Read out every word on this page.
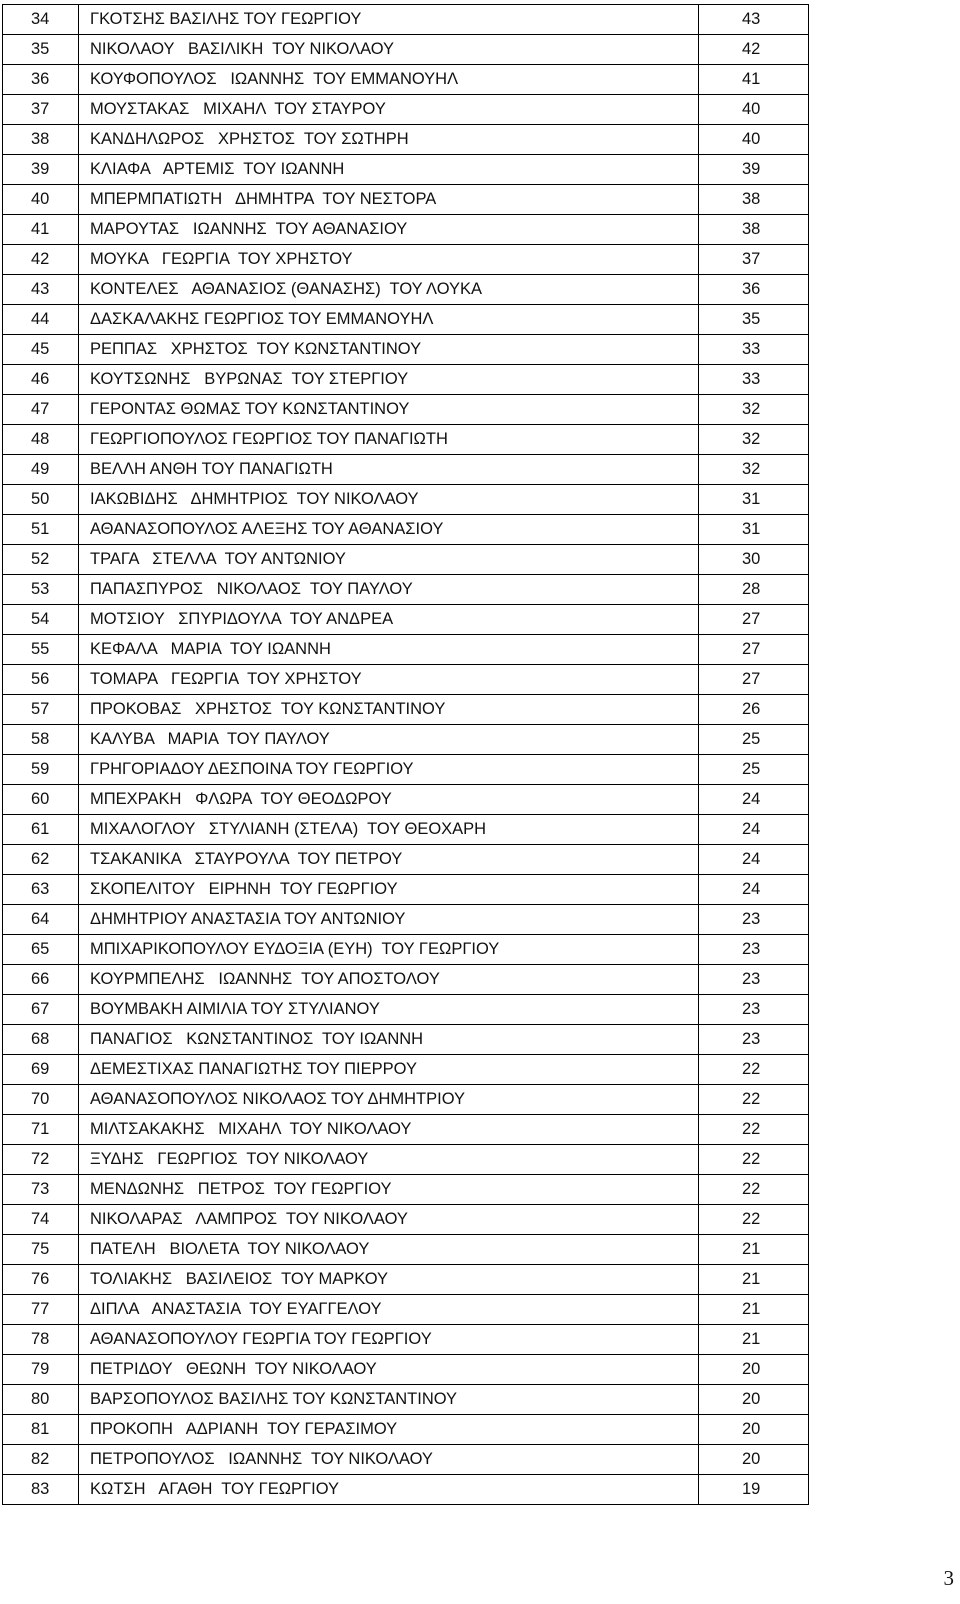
34	ΓΚΟΤΣΗΣ ΒΑΣΙΛΗΣ ΤΟΥ ΓΕΩΡΓΙΟΥ	43
35	ΝΙΚΟΛΑΟΥ   ΒΑΣΙΛΙΚΗ  ΤΟΥ ΝΙΚΟΛΑΟΥ	42
36	ΚΟΥΦΟΠΟΥΛΟΣ   ΙΩΑΝΝΗΣ  ΤΟΥ ΕΜΜΑΝΟΥΗΛ	41
37	ΜΟΥΣΤΑΚΑΣ   ΜΙΧΑΗΛ  ΤΟΥ ΣΤΑΥΡΟΥ	40
38	ΚΑΝΔΗΛΩΡΟΣ   ΧΡΗΣΤΟΣ  ΤΟΥ ΣΩΤΗΡΗ	40
39	ΚΛΙΑΦΑ   ΑΡΤΕΜΙΣ  ΤΟΥ ΙΩΑΝΝΗ	39
40	ΜΠΕΡΜΠΑΤΙΩΤΗ   ΔΗΜΗΤΡΑ  ΤΟΥ ΝΕΣΤΟΡΑ	38
41	ΜΑΡΟΥΤΑΣ   ΙΩΑΝΝΗΣ  ΤΟΥ ΑΘΑΝΑΣΙΟΥ	38
42	ΜΟΥΚΑ   ΓΕΩΡΓΙΑ  ΤΟΥ ΧΡΗΣΤΟΥ	37
43	ΚΟΝΤΕΛΕΣ   ΑΘΑΝΑΣΙΟΣ (ΘΑΝΑΣΗΣ)  ΤΟΥ ΛΟΥΚΑ	36
44	ΔΑΣΚΑΛΑΚΗΣ ΓΕΩΡΓΙΟΣ ΤΟΥ ΕΜΜΑΝΟΥΗΛ	35
45	ΡΕΠΠΑΣ   ΧΡΗΣΤΟΣ  ΤΟΥ ΚΩΝΣΤΑΝΤΙΝΟΥ	33
46	ΚΟΥΤΣΩΝΗΣ   ΒΥΡΩΝΑΣ  ΤΟΥ ΣΤΕΡΓΙΟΥ	33
47	ΓΕΡΟΝΤΑΣ ΘΩΜΑΣ ΤΟΥ ΚΩΝΣΤΑΝΤΙΝΟΥ	32
48	ΓΕΩΡΓΙΟΠΟΥΛΟΣ ΓΕΩΡΓΙΟΣ ΤΟΥ ΠΑΝΑΓΙΩΤΗ	32
49	ΒΕΛΛΗ ΑΝΘΗ ΤΟΥ ΠΑΝΑΓΙΩΤΗ	32
50	ΙΑΚΩΒΙΔΗΣ   ΔΗΜΗΤΡΙΟΣ  ΤΟΥ ΝΙΚΟΛΑΟΥ	31
51	ΑΘΑΝΑΣΟΠΟΥΛΟΣ ΑΛΕΞΗΣ ΤΟΥ ΑΘΑΝΑΣΙΟΥ	31
52	ΤΡΑΓΑ   ΣΤΕΛΛΑ  ΤΟΥ ΑΝΤΩΝΙΟΥ	30
53	ΠΑΠΑΣΠΥΡΟΣ   ΝΙΚΟΛΑΟΣ  ΤΟΥ ΠΑΥΛΟΥ	28
54	ΜΟΤΣΙΟΥ   ΣΠΥΡΙΔΟΥΛΑ  ΤΟΥ ΑΝΔΡΕΑ	27
55	ΚΕΦΑΛΑ   ΜΑΡΙΑ  ΤΟΥ ΙΩΑΝΝΗ	27
56	ΤΟΜΑΡΑ   ΓΕΩΡΓΙΑ  ΤΟΥ ΧΡΗΣΤΟΥ	27
57	ΠΡΟΚΟΒΑΣ   ΧΡΗΣΤΟΣ  ΤΟΥ ΚΩΝΣΤΑΝΤΙΝΟΥ	26
58	ΚΑΛΥΒΑ   ΜΑΡΙΑ  ΤΟΥ ΠΑΥΛΟΥ	25
59	ΓΡΗΓΟΡΙΑΔΟΥ ΔΕΣΠΟΙΝΑ ΤΟΥ ΓΕΩΡΓΙΟΥ	25
60	ΜΠΕΧΡΑΚΗ   ΦΛΩΡΑ  ΤΟΥ ΘΕΟΔΩΡΟΥ	24
61	ΜΙΧΑΛΟΓΛΟΥ   ΣΤΥΛΙΑΝΗ (ΣΤΕΛΑ)  ΤΟΥ ΘΕΟΧΑΡΗ	24
62	ΤΣΑΚΑΝΙΚΑ   ΣΤΑΥΡΟΥΛΑ  ΤΟΥ ΠΕΤΡΟΥ	24
63	ΣΚΟΠΕΛΙΤΟΥ   ΕΙΡΗΝΗ  ΤΟΥ ΓΕΩΡΓΙΟΥ	24
64	ΔΗΜΗΤΡΙΟΥ ΑΝΑΣΤΑΣΙΑ ΤΟΥ ΑΝΤΩΝΙΟΥ	23
65	ΜΠΙΧΑΡΙΚΟΠΟΥΛΟΥ ΕΥΔΟΞΙΑ (ΕΥΗ)  ΤΟΥ ΓΕΩΡΓΙΟΥ	23
66	ΚΟΥΡΜΠΕΛΗΣ   ΙΩΑΝΝΗΣ  ΤΟΥ ΑΠΟΣΤΟΛΟΥ	23
67	ΒΟΥΜΒΑΚΗ ΑΙΜΙΛΙΑ ΤΟΥ ΣΤΥΛΙΑΝΟΥ	23
68	ΠΑΝΑΓΙΟΣ   ΚΩΝΣΤΑΝΤΙΝΟΣ  ΤΟΥ ΙΩΑΝΝΗ	23
69	ΔΕΜΕΣΤΙΧΑΣ ΠΑΝΑΓΙΩΤΗΣ ΤΟΥ ΠΙΕΡΡΟΥ	22
70	ΑΘΑΝΑΣΟΠΟΥΛΟΣ ΝΙΚΟΛΑΟΣ ΤΟΥ ΔΗΜΗΤΡΙΟΥ	22
71	ΜΙΛΤΣΑΚΑΚΗΣ   ΜΙΧΑΗΛ  ΤΟΥ ΝΙΚΟΛΑΟΥ	22
72	ΞΥΔΗΣ   ΓΕΩΡΓΙΟΣ  ΤΟΥ ΝΙΚΟΛΑΟΥ	22
73	ΜΕΝΔΩΝΗΣ   ΠΕΤΡΟΣ  ΤΟΥ ΓΕΩΡΓΙΟΥ	22
74	ΝΙΚΟΛΑΡΑΣ   ΛΑΜΠΡΟΣ  ΤΟΥ ΝΙΚΟΛΑΟΥ	22
75	ΠΑΤΕΛΗ   ΒΙΟΛΕΤΑ  ΤΟΥ ΝΙΚΟΛΑΟΥ	21
76	ΤΟΛΙΑΚΗΣ   ΒΑΣΙΛΕΙΟΣ  ΤΟΥ ΜΑΡΚΟΥ	21
77	ΔΙΠΛΑ   ΑΝΑΣΤΑΣΙΑ  ΤΟΥ ΕΥΑΓΓΕΛΟΥ	21
78	ΑΘΑΝΑΣΟΠΟΥΛΟΥ ΓΕΩΡΓΙΑ ΤΟΥ ΓΕΩΡΓΙΟΥ	21
79	ΠΕΤΡΙΔΟΥ   ΘΕΩΝΗ  ΤΟΥ ΝΙΚΟΛΑΟΥ	20
80	ΒΑΡΣΟΠΟΥΛΟΣ ΒΑΣΙΛΗΣ ΤΟΥ ΚΩΝΣΤΑΝΤΙΝΟΥ	20
81	ΠΡΟΚΟΠΗ   ΑΔΡΙΑΝΗ  ΤΟΥ ΓΕΡΑΣΙΜΟΥ	20
82	ΠΕΤΡΟΠΟΥΛΟΣ   ΙΩΑΝΝΗΣ  ΤΟΥ ΝΙΚΟΛΑΟΥ	20
83	ΚΩΤΣΗ   ΑΓΑΘΗ  ΤΟΥ ΓΕΩΡΓΙΟΥ	19
3
